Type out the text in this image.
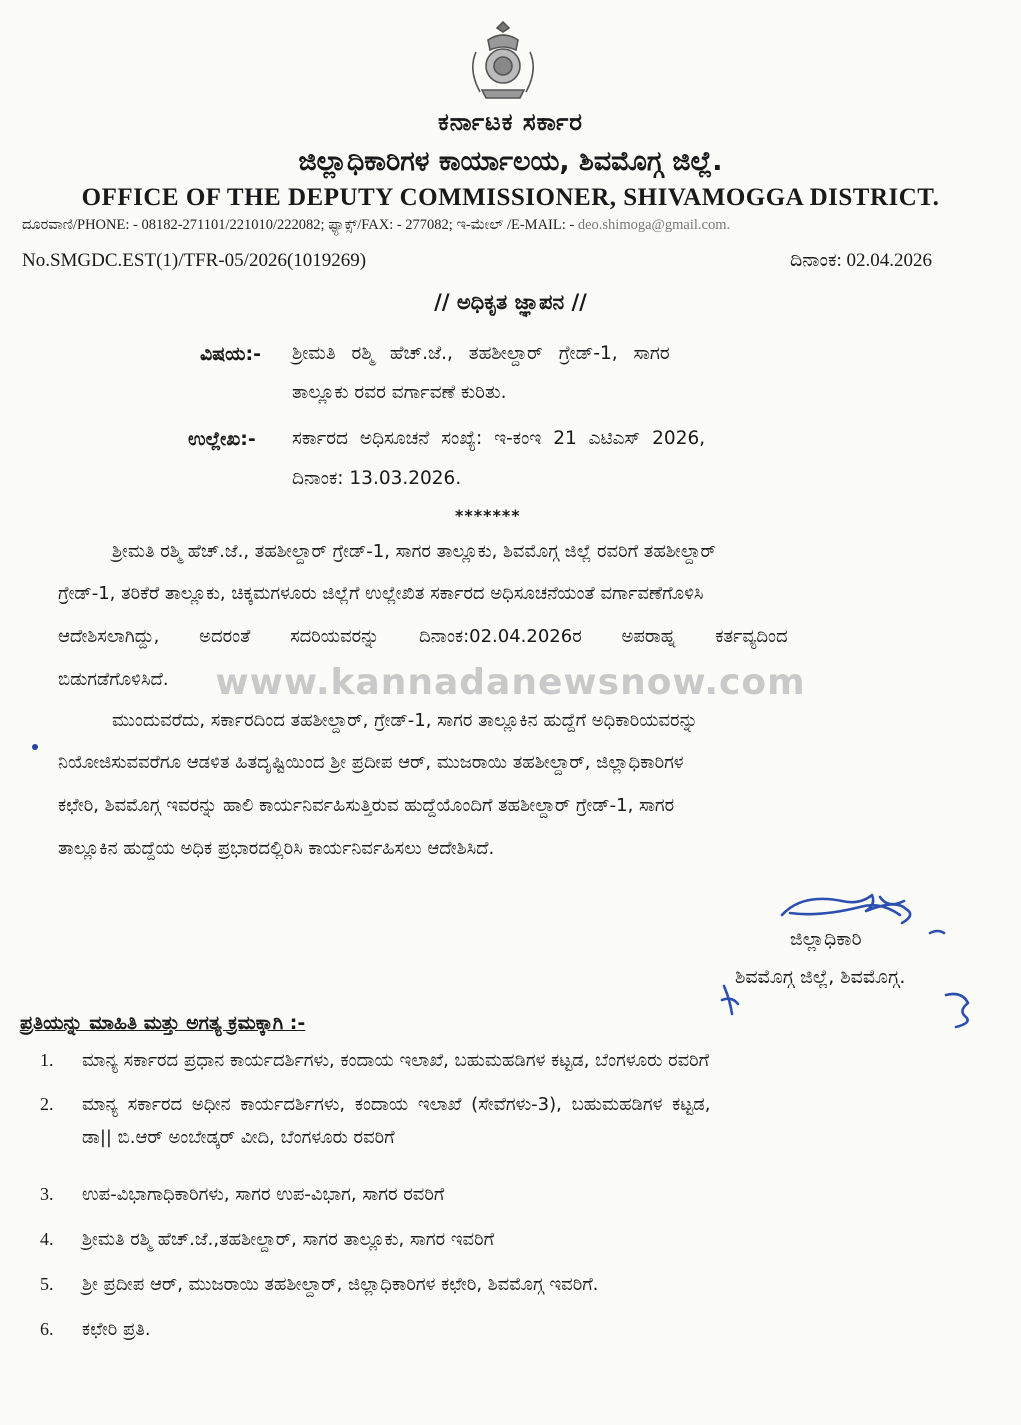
ಕರ್ನಾಟಕ ಸರ್ಕಾರ
ಜಿಲ್ಲಾಧಿಕಾರಿಗಳ ಕಾರ್ಯಾಲಯ, ಶಿವಮೊಗ್ಗ ಜಿಲ್ಲೆ.
OFFICE OF THE DEPUTY COMMISSIONER, SHIVAMOGGA DISTRICT.
ದೂರವಾಣಿ/PHONE: - 08182-271101/221010/222082; ಫ್ಯಾಕ್ಸ್/FAX: - 277082; ಇ-ಮೇಲ್ /E-MAIL: - deo.shimoga@gmail.com.
No.SMGDC.EST(1)/TFR-05/2026(1019269)	ದಿನಾಂಕ: 02.04.2026
// ಅಧಿಕೃತ ಜ್ಞಾಪನ //
ವಿಷಯ:- ಶ್ರೀಮತಿ ರಶ್ಮಿ ಹೆಚ್.ಜೆ., ತಹಶೀಲ್ದಾರ್ ಗ್ರೇಡ್-1, ಸಾಗರ
ತಾಲ್ಲೂಕು ರವರ ವರ್ಗಾವಣೆ ಕುರಿತು.
ಉಲ್ಲೇಖ:- ಸರ್ಕಾರದ ಅಧಿಸೂಚನೆ ಸಂಖ್ಯೆ: ಇ-ಕಂಇ 21 ಎಟಿಎಸ್ 2026,
ದಿನಾಂಕ: 13.03.2026.
*******
ಶ್ರೀಮತಿ ರಶ್ಮಿ ಹೆಚ್.ಜೆ., ತಹಶೀಲ್ದಾರ್ ಗ್ರೇಡ್-1, ಸಾಗರ ತಾಲ್ಲೂಕು, ಶಿವಮೊಗ್ಗ ಜಿಲ್ಲೆ ರವರಿಗೆ ತಹಶೀಲ್ದಾರ್
ಗ್ರೇಡ್-1, ತರಿಕೆರೆ ತಾಲ್ಲೂಕು, ಚಿಕ್ಕಮಗಳೂರು ಜಿಲ್ಲೆಗೆ ಉಲ್ಲೇಖಿತ ಸರ್ಕಾರದ ಅಧಿಸೂಚನೆಯಂತೆ ವರ್ಗಾವಣೆಗೊಳಿಸಿ
ಆದೇಶಿಸಲಾಗಿದ್ದು, ಅದರಂತೆ ಸದರಿಯವರನ್ನು ದಿನಾಂಕ:02.04.2026ರ ಅಪರಾಹ್ನ ಕರ್ತವ್ಯದಿಂದ
ಬಿಡುಗಡೆಗೊಳಿಸಿದೆ.	www.kannadanewsnow.com
ಮುಂದುವರೆದು, ಸರ್ಕಾರದಿಂದ ತಹಶೀಲ್ದಾರ್, ಗ್ರೇಡ್-1, ಸಾಗರ ತಾಲ್ಲೂಕಿನ ಹುದ್ದೆಗೆ ಅಧಿಕಾರಿಯವರನ್ನು
ನಿಯೋಜಿಸುವವರೆಗೂ ಆಡಳಿತ ಹಿತದೃಷ್ಟಿಯಿಂದ ಶ್ರೀ ಪ್ರದೀಪ ಆರ್, ಮುಜರಾಯಿ ತಹಶೀಲ್ದಾರ್, ಜಿಲ್ಲಾಧಿಕಾರಿಗಳ
ಕಛೇರಿ, ಶಿವಮೊಗ್ಗ ಇವರನ್ನು ಹಾಲಿ ಕಾರ್ಯನಿರ್ವಹಿಸುತ್ತಿರುವ ಹುದ್ದೆಯೊಂದಿಗೆ ತಹಶೀಲ್ದಾರ್ ಗ್ರೇಡ್-1, ಸಾಗರ
ತಾಲ್ಲೂಕಿನ ಹುದ್ದೆಯ ಅಧಿಕ ಪ್ರಭಾರದಲ್ಲಿರಿಸಿ ಕಾರ್ಯನಿರ್ವಹಿಸಲು ಆದೇಶಿಸಿದೆ.
ಜಿಲ್ಲಾಧಿಕಾರಿ
ಶಿವಮೊಗ್ಗ ಜಿಲ್ಲೆ, ಶಿವಮೊಗ್ಗ.
ಪ್ರತಿಯನ್ನು ಮಾಹಿತಿ ಮತ್ತು ಅಗತ್ಯ ಕ್ರಮಕ್ಕಾಗಿ :-
1.	ಮಾನ್ಯ ಸರ್ಕಾರದ ಪ್ರಧಾನ ಕಾರ್ಯದರ್ಶಿಗಳು, ಕಂದಾಯ ಇಲಾಖೆ, ಬಹುಮಹಡಿಗಳ ಕಟ್ಟಡ, ಬೆಂಗಳೂರು ರವರಿಗೆ
2.	ಮಾನ್ಯ ಸರ್ಕಾರದ ಅಧೀನ ಕಾರ್ಯದರ್ಶಿಗಳು, ಕಂದಾಯ ಇಲಾಖೆ (ಸೇವೆಗಳು-3), ಬಹುಮಹಡಿಗಳ ಕಟ್ಟಡ,
ಡಾ|| ಬಿ.ಆರ್ ಅಂಬೇಡ್ಕರ್ ವೀದಿ, ಬೆಂಗಳೂರು ರವರಿಗೆ
3.	ಉಪ-ವಿಭಾಗಾಧಿಕಾರಿಗಳು, ಸಾಗರ ಉಪ-ವಿಭಾಗ, ಸಾಗರ ರವರಿಗೆ
4.	ಶ್ರೀಮತಿ ರಶ್ಮಿ ಹೆಚ್.ಜೆ.,ತಹಶೀಲ್ದಾರ್, ಸಾಗರ ತಾಲ್ಲೂಕು, ಸಾಗರ ಇವರಿಗೆ
5.	ಶ್ರೀ ಪ್ರದೀಪ ಆರ್, ಮುಜರಾಯಿ ತಹಶೀಲ್ದಾರ್, ಜಿಲ್ಲಾಧಿಕಾರಿಗಳ ಕಛೇರಿ, ಶಿವಮೊಗ್ಗ ಇವರಿಗೆ.
6.	ಕಛೇರಿ ಪ್ರತಿ.
